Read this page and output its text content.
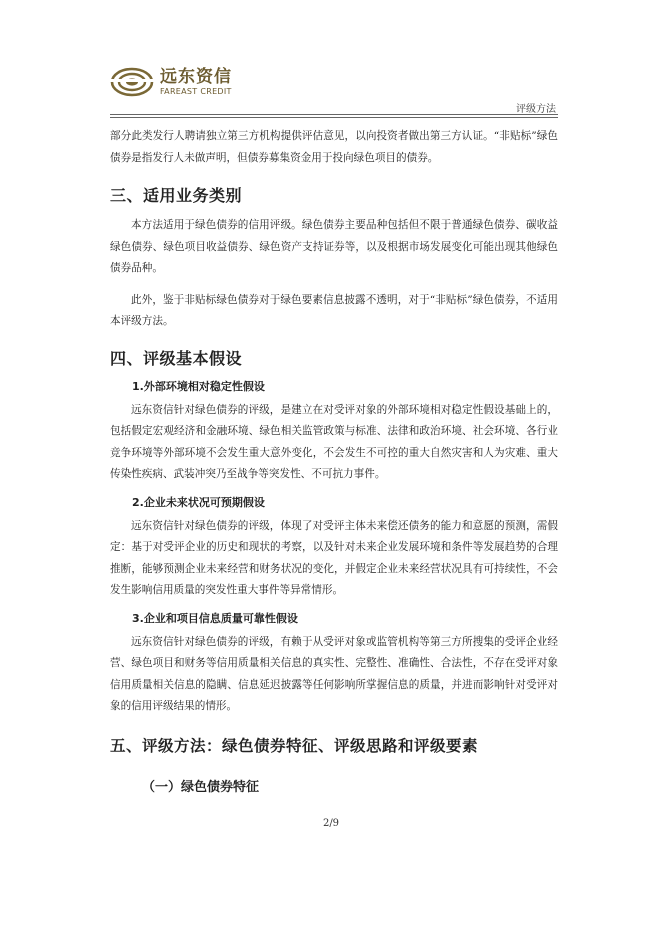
远东资信
FAREAST CREDIT
评级方法

部分此类发行人聘请独立第三方机构提供评估意见，以向投资者做出第三方认证。“非贴标”绿色债券是指发行人未做声明，但债券募集资金用于投向绿色项目的债券。

三、适用业务类别

本方法适用于绿色债券的信用评级。绿色债券主要品种包括但不限于普通绿色债券、碳收益绿色债券、绿色项目收益债券、绿色资产支持证券等，以及根据市场发展变化可能出现其他绿色债券品种。

此外，鉴于非贴标绿色债券对于绿色要素信息披露不透明，对于“非贴标”绿色债券，不适用本评级方法。

四、评级基本假设
1.外部环境相对稳定性假设

远东资信针对绿色债券的评级，是建立在对受评对象的外部环境相对稳定性假设基础上的，包括假定宏观经济和金融环境、绿色相关监管政策与标准、法律和政治环境、社会环境、各行业竞争环境等外部环境不会发生重大意外变化，不会发生不可控的重大自然灾害和人为灾难、重大传染性疾病、武装冲突乃至战争等突发性、不可抗力事件。

2.企业未来状况可预期假设

远东资信针对绿色债券的评级，体现了对受评主体未来偿还债务的能力和意愿的预测，需假定：基于对受评企业的历史和现状的考察，以及针对未来企业发展环境和条件等发展趋势的合理推断，能够预测企业未来经营和财务状况的变化，并假定企业未来经营状况具有可持续性，不会发生影响信用质量的突发性重大事件等异常情形。

3.企业和项目信息质量可靠性假设

远东资信针对绿色债券的评级，有赖于从受评对象或监管机构等第三方所搜集的受评企业经营、绿色项目和财务等信用质量相关信息的真实性、完整性、准确性、合法性，不存在受评对象信用质量相关信息的隐瞒、信息延迟披露等任何影响所掌握信息的质量，并进而影响针对受评对象的信用评级结果的情形。

五、评级方法：绿色债券特征、评级思路和评级要素
（一）绿色债券特征
2/9
